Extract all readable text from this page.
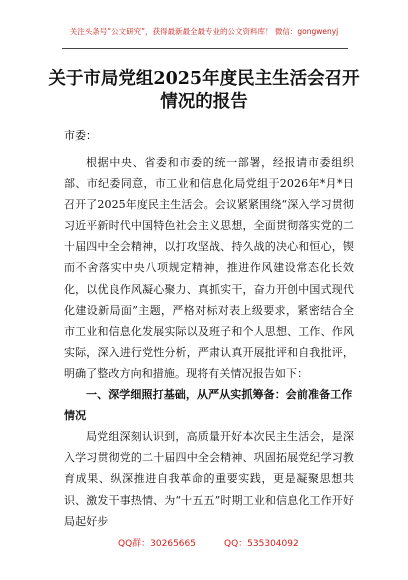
关注头条号“公文研究”，获得最新最全最专业的公文资料库！ 微信：gongwenyj
关于市局党组2025年度民主生活会召开
情况的报告
市委：

根据中央、省委和市委的统一部署，经报请市委组织部、市纪委同意，市工业和信息化局党组于2026年*月*日召开了2025年度民主生活会。会议紧紧围绕“深入学习贯彻习近平新时代中国特色社会主义思想，全面贯彻落实党的二十届四中全会精神，以打攻坚战、持久战的决心和恒心，锲而不舍落实中央八项规定精神，推进作风建设常态化长效化，以优良作风凝心聚力、真抓实干，奋力开创中国式现代化建设新局面”主题，严格对标对表上级要求，紧密结合全市工业和信息化发展实际以及班子和个人思想、工作、作风实际，深入进行党性分析，严肃认真开展批评和自我批评，明确了整改方向和措施。现将有关情况报告如下：

一、深学细照打基础，从严从实抓筹备：会前准备工作情况

局党组深刻认识到，高质量开好本次民主生活会，是深入学习贯彻党的二十届四中全会精神、巩固拓展党纪学习教育成果、纵深推进自我革命的重要实践，更是凝聚思想共识、激发干事热情、为“十五五”时期工业和信息化工作开好局起好步

QQ群：30265665	QQ：535304092
